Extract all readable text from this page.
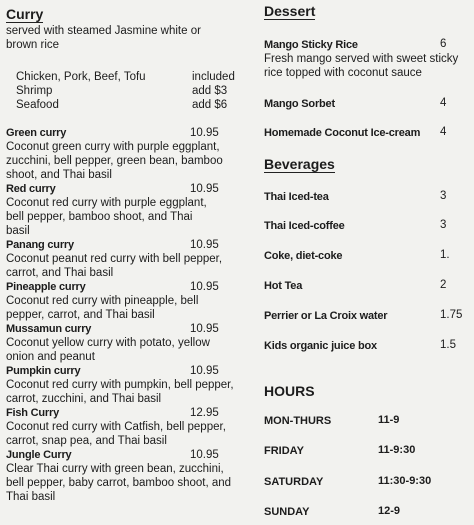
Curry
served with steamed Jasmine white or
brown rice
Chicken, Pork, Beef, Tofu	included
Shrimp	add $3
Seafood	add $6
Green curry	10.95
Coconut green curry with purple eggplant,
zucchini, bell pepper, green bean, bamboo
shoot, and Thai basil
Red curry	10.95
Coconut red curry with purple eggplant,
bell pepper, bamboo shoot, and Thai
basil
Panang curry	10.95
Coconut peanut red curry with bell pepper,
carrot, and Thai basil
Pineapple curry	10.95
Coconut red curry with pineapple, bell
pepper, carrot, and Thai basil
Mussamun curry	10.95
Coconut yellow curry with potato, yellow
onion and peanut
Pumpkin curry	10.95
Coconut red curry with pumpkin, bell pepper,
carrot, zucchini, and Thai basil
Fish Curry	12.95
Coconut red curry with Catfish, bell pepper,
carrot, snap pea, and Thai basil
Jungle Curry	10.95
Clear Thai curry with green bean, zucchini,
bell pepper, baby carrot, bamboo shoot, and
Thai basil
Dessert
Mango Sticky Rice	6
Fresh mango served with sweet sticky
rice topped with coconut sauce
Mango Sorbet	4
Homemade Coconut Ice-cream 4
Beverages
Thai Iced-tea	3
Thai Iced-coffee	3
Coke, diet-coke	1.
Hot Tea	2
Perrier or La Croix water	1.75
Kids organic juice box	1.5
HOURS
MON-THURS	11-9
FRIDAY	11-9:30
SATURDAY	11:30-9:30
SUNDAY	12-9
